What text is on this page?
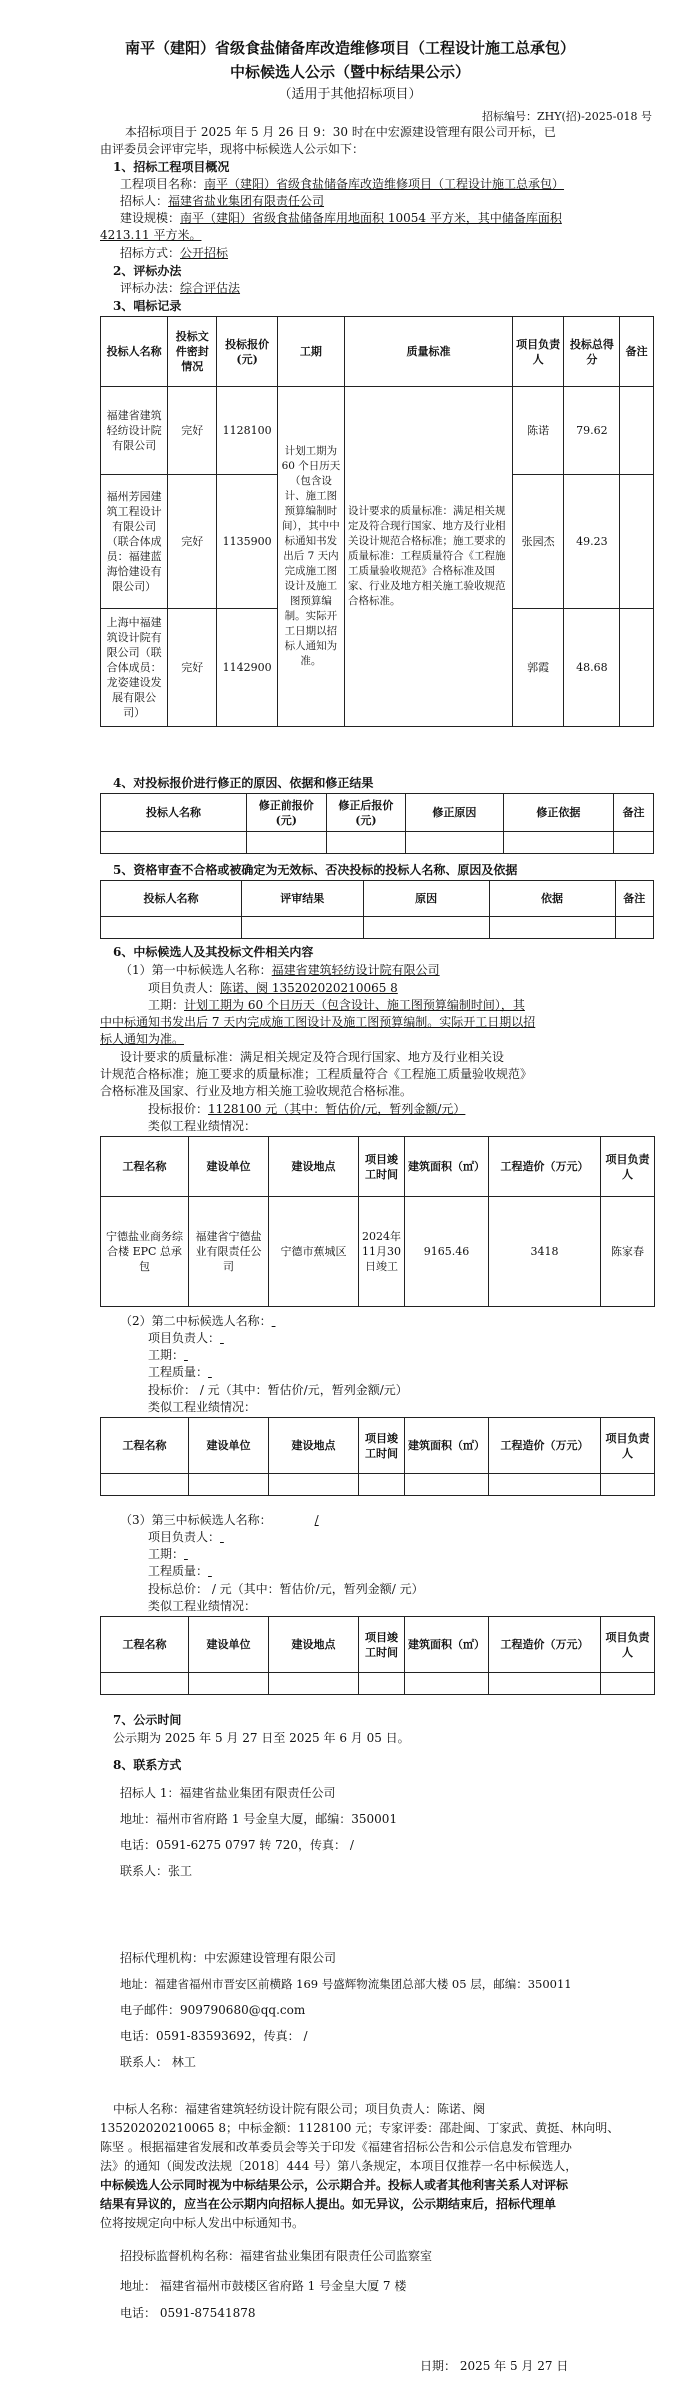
南平（建阳）省级食盐储备库改造维修项目（工程设计施工总承包）
中标候选人公示（暨中标结果公示）
（适用于其他招标项目）
招标编号：ZHY(招)-2025-018 号
本招标项目于 2025 年 5 月 26 日 9：30 时在中宏源建设管理有限公司开标，已
由评委员会评审完毕，现将中标候选人公示如下：
1、招标工程项目概况
工程项目名称：南平（建阳）省级食盐储备库改造维修项目（工程设计施工总承包）
招标人：福建省盐业集团有限责任公司
建设规模：南平（建阳）省级食盐储备库用地面积 10054 平方米，其中储备库面积
4213.11 平方米。
招标方式：公开招标
2、评标办法
评标办法：综合评估法
3、唱标记录
投标人名称	投标文件密封情况	投标报价(元)	工期	质量标准	项目负责人	投标总得分	备注
福建省建筑轻纺设计院有限公司	完好	1128100	计划工期为 60 个日历天（包含设计、施工图预算编制时间），其中中标通知书发出后 7 天内完成施工图设计及施工图预算编制。实际开工日期以招标人通知为准。	设计要求的质量标准：满足相关规定及符合现行国家、地方及行业相关设计规范合格标准；施工要求的质量标准：工程质量符合《工程施工质量验收规范》合格标准及国家、行业及地方相关施工验收规范合格标准。	陈诺	79.62	
福州芳园建筑工程设计有限公司（联合体成员：福建蓝海恰建设有限公司）	完好	1135900			张园杰	49.23	
上海中福建筑设计院有限公司（联合体成员：龙姿建设发展有限公司）	完好	1142900			郭霞	48.68	
4、对投标报价进行修正的原因、依据和修正结果
投标人名称	修正前报价(元)	修正后报价(元)	修正原因	修正依据	备注

5、资格审查不合格或被确定为无效标、否决投标的投标人名称、原因及依据
投标人名称	评审结果	原因	依据	备注

6、中标候选人及其投标文件相关内容
（1）第一中标候选人名称：福建省建筑轻纺设计院有限公司
项目负责人：陈诺、阕 135202020210065 8
工期：计划工期为 60 个日历天（包含设计、施工图预算编制时间），其
中中标通知书发出后 7 天内完成施工图设计及施工图预算编制。实际开工日期以招
标人通知为准。
设计要求的质量标准：满足相关规定及符合现行国家、地方及行业相关设
计规范合格标准；施工要求的质量标准；工程质量符合《工程施工质量验收规范》
合格标准及国家、行业及地方相关施工验收规范合格标准。
投标报价：1128100 元（其中：暂估价/元，暂列金额/元）
类似工程业绩情况：
工程名称	建设单位	建设地点	项目竣工时间	建筑面积（㎡）	工程造价（万元）	项目负责人
宁德盐业商务综合楼 EPC 总承包	福建省宁德盐业有限责任公司	宁德市蕉城区	2024年11月30日竣工	9165.46	3418	陈家春
（2）第二中标候选人名称：
项目负责人：
工期：
工程质量：
投标价： / 元（其中：暂估价/元，暂列金额/元）
类似工程业绩情况：
工程名称	建设单位	建设地点	项目竣工时间	建筑面积（㎡）	工程造价（万元）	项目负责人

（3）第三中标候选人名称：	/
项目负责人：
工期：
工程质量：
投标总价： / 元（其中：暂估价/元，暂列金额/ 元）
类似工程业绩情况：
工程名称	建设单位	建设地点	项目竣工时间	建筑面积（㎡）	工程造价（万元）	项目负责人

7、公示时间
公示期为 2025 年 5 月 27 日至 2025 年 6 月 05 日。
8、联系方式
招标人 1：福建省盐业集团有限责任公司
地址：福州市省府路 1 号金皇大厦，邮编：350001
电话：0591-6275 0797 转 720，传真： /
联系人：张工
招标代理机构：中宏源建设管理有限公司
地址：福建省福州市晋安区前横路 169 号盛辉物流集团总部大楼 05 层，邮编：350011
电子邮件：909790680@qq.com
电话：0591-83593692，传真： /
联系人： 林工
中标人名称：福建省建筑轻纺设计院有限公司；项目负责人：陈诺、阕
135202020210065 8；中标金额：1128100 元；专家评委：邵赴闽、丁家武、黄挺、林向明、
陈坚 。根据福建省发展和改革委员会等关于印发《福建省招标公告和公示信息发布管理办
法》的通知（闽发改法规〔2018〕444 号）第八条规定，本项目仅推荐一名中标候选人，
中标候选人公示同时视为中标结果公示，公示期合并。投标人或者其他利害关系人对评标
结果有异议的，应当在公示期内向招标人提出。如无异议，公示期结束后，招标代理单
位将按规定向中标人发出中标通知书。
招投标监督机构名称：福建省盐业集团有限责任公司监察室
地址： 福建省福州市鼓楼区省府路 1 号金皇大厦 7 楼
电话： 0591-87541878
日期： 2025 年 5 月 27 日
